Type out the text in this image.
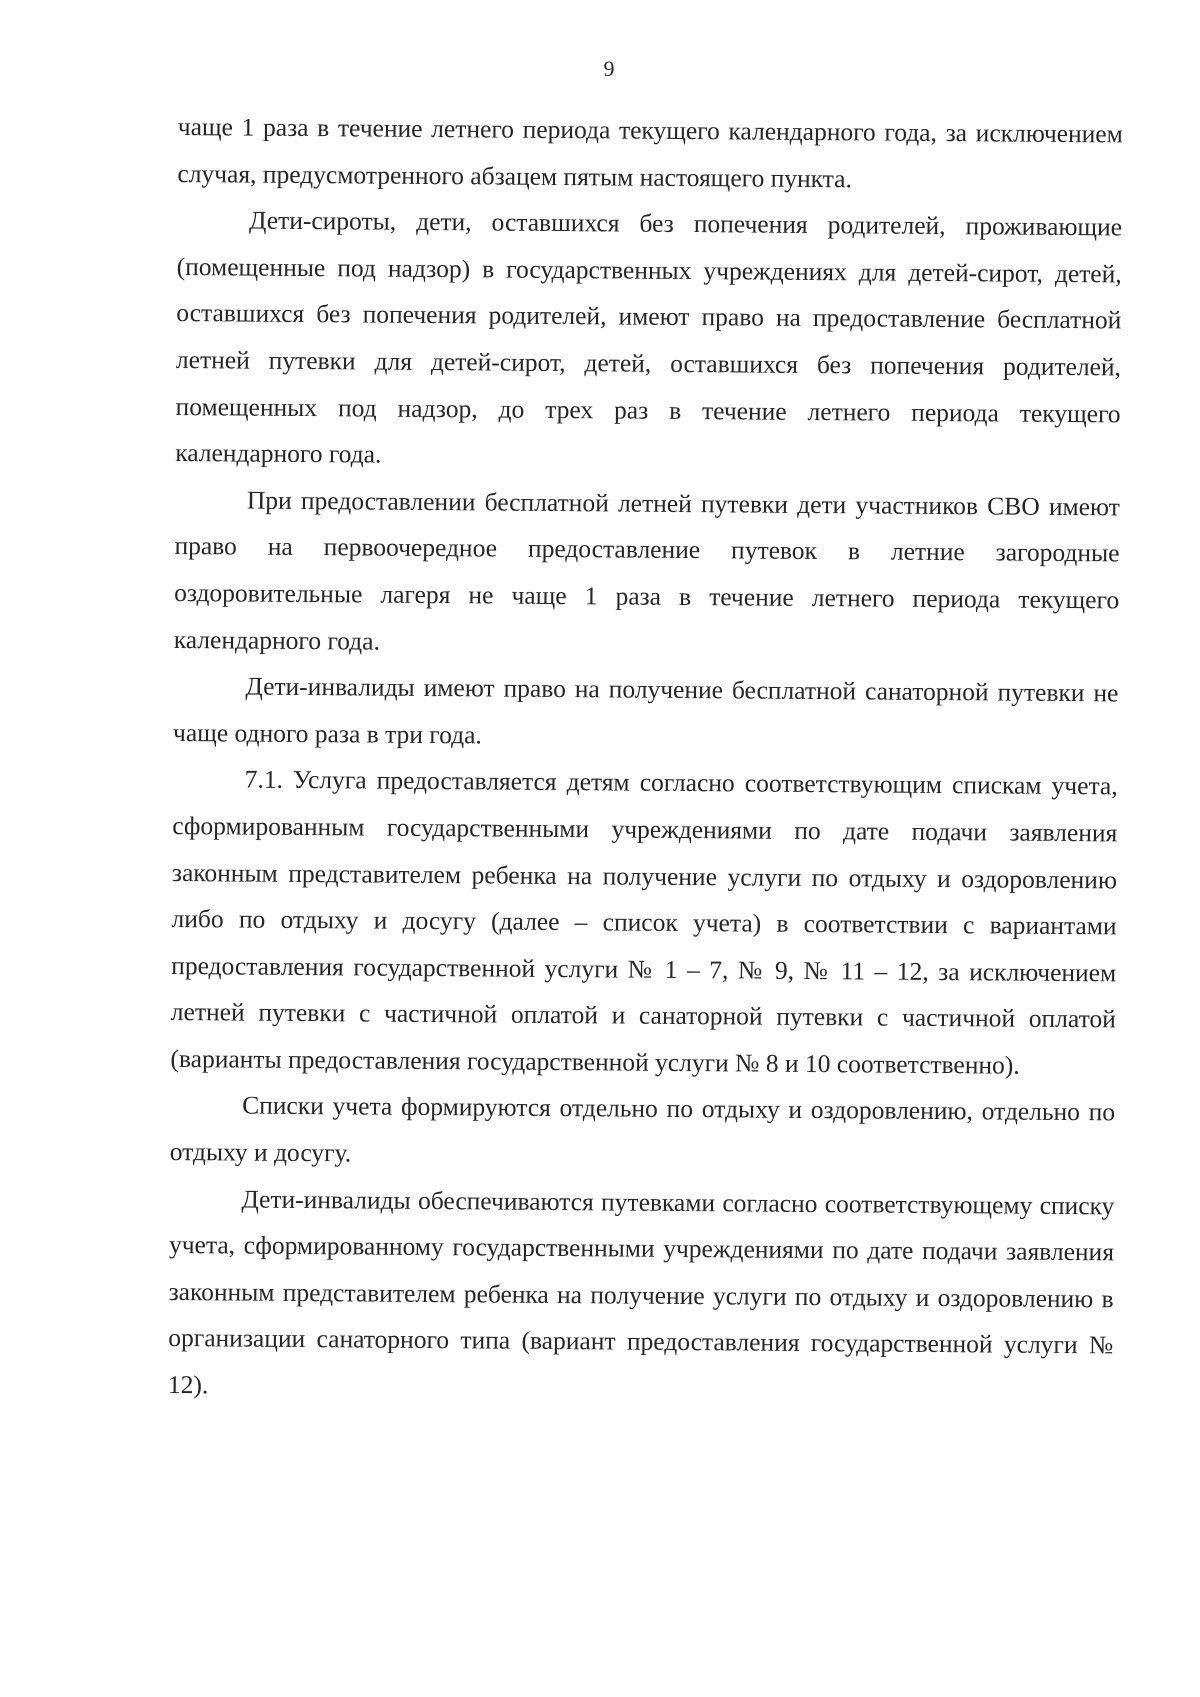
9

чаще 1 раза в течение летнего периода текущего календарного года, за исключением случая, предусмотренного абзацем пятым настоящего пункта.

Дети-сироты, дети, оставшихся без попечения родителей, проживающие (помещенные под надзор) в государственных учреждениях для детей-сирот, детей, оставшихся без попечения родителей, имеют право на предоставление бесплатной летней путевки для детей-сирот, детей, оставшихся без попечения родителей, помещенных под надзор, до трех раз в течение летнего периода текущего календарного года.

При предоставлении бесплатной летней путевки дети участников СВО имеют право на первоочередное предоставление путевок в летние загородные оздоровительные лагеря не чаще 1 раза в течение летнего периода текущего календарного года.

Дети-инвалиды имеют право на получение бесплатной санаторной путевки не чаще одного раза в три года.

7.1. Услуга предоставляется детям согласно соответствующим спискам учета, сформированным государственными учреждениями по дате подачи заявления законным представителем ребенка на получение услуги по отдыху и оздоровлению либо по отдыху и досугу (далее – список учета) в соответствии с вариантами предоставления государственной услуги № 1 – 7, № 9, № 11 – 12, за исключением летней путевки с частичной оплатой и санаторной путевки с частичной оплатой (варианты предоставления государственной услуги № 8 и 10 соответственно).

Списки учета формируются отдельно по отдыху и оздоровлению, отдельно по отдыху и досугу.

Дети-инвалиды обеспечиваются путевками согласно соответствующему списку учета, сформированному государственными учреждениями по дате подачи заявления законным представителем ребенка на получение услуги по отдыху и оздоровлению в организации санаторного типа (вариант предоставления государственной услуги № 12).
